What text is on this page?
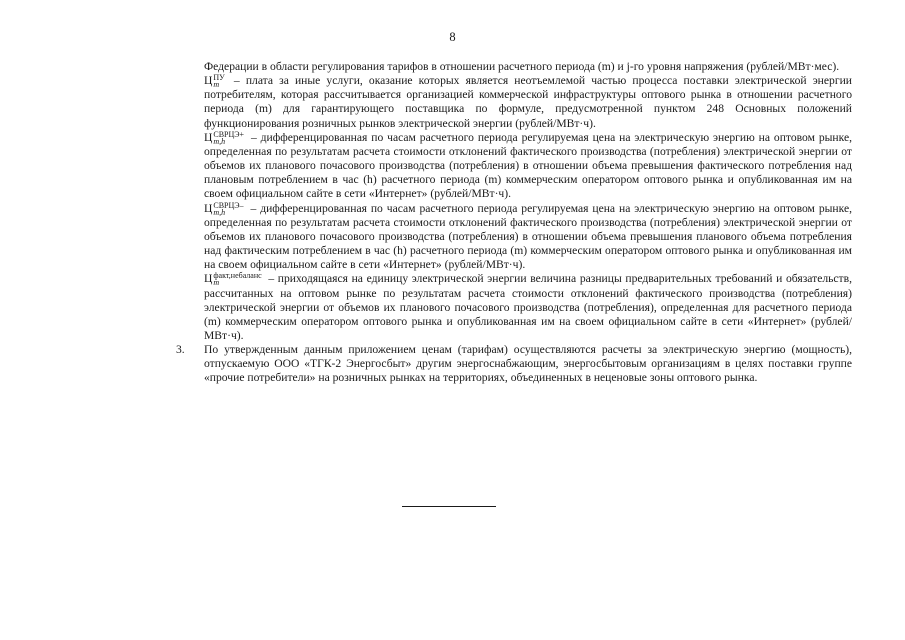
8

Федерации в области регулирования тарифов в отношении расчетного периода (m) и j-го уровня напряжения (рублей/МВт·мес).

Ц ПУ
m – плата за иные услуги, оказание которых является неотъемлемой частью процесса поставки электрической энергии потребителям, которая рассчитывается организацией коммерческой инфраструктуры оптового рынка в отношении расчетного периода (m) для гарантирующего поставщика по формуле, предусмотренной пунктом 248 Основных положений функционирования розничных рынков электрической энергии (рублей/МВт·ч).

Ц СВРЦЭ+
m,h	– дифференцированная по часам расчетного периода регулируемая цена на электрическую энергию на оптовом рынке, определенная по результатам расчета стоимости отклонений фактического производства (потребления) электрической энергии от объемов их планового почасового производства (потребления) в отношении объема превышения фактического потребления над плановым потреблением в час (h) расчетного периода (m) коммерческим оператором оптового рынка и опубликованная им на своем официальном сайте в сети «Интернет» (рублей/МВт·ч).

Ц СВРЦЭ–
m,h	– дифференцированная по часам расчетного периода регулируемая цена на электрическую энергию на оптовом рынке, определенная по результатам расчета стоимости отклонений фактического производства (потребления) электрической энергии от объемов их планового почасового производства (потребления) в отношении объема превышения планового объема потребления над фактическим потреблением в час (h) расчетного периода (m) коммерческим оператором оптового рынка и опубликованная им на своем официальном сайте в сети «Интернет» (рублей/МВт·ч).

Ц факт,небаланс
m	– приходящаяся на единицу электрической энергии величина разницы предварительных требований и обязательств, рассчитанных на оптовом рынке по результатам расчета стоимости отклонений фактического производства (потребления) электрической энергии от объемов их планового почасового производства (потребления), определенная для расчетного периода (m) коммерческим оператором оптового рынка и опубликованная им на своем официальном сайте в сети «Интернет» (рублей/МВт·ч).

3. По утвержденным данным приложением ценам (тарифам) осуществляются расчеты за электрическую энергию (мощность), отпускаемую ООО «ТГК-2 Энергосбыт» другим энергоснабжающим, энергосбытовым организациям в целях поставки группе «прочие потребители» на розничных рынках на территориях, объединенных в неценовые зоны оптового рынка.
